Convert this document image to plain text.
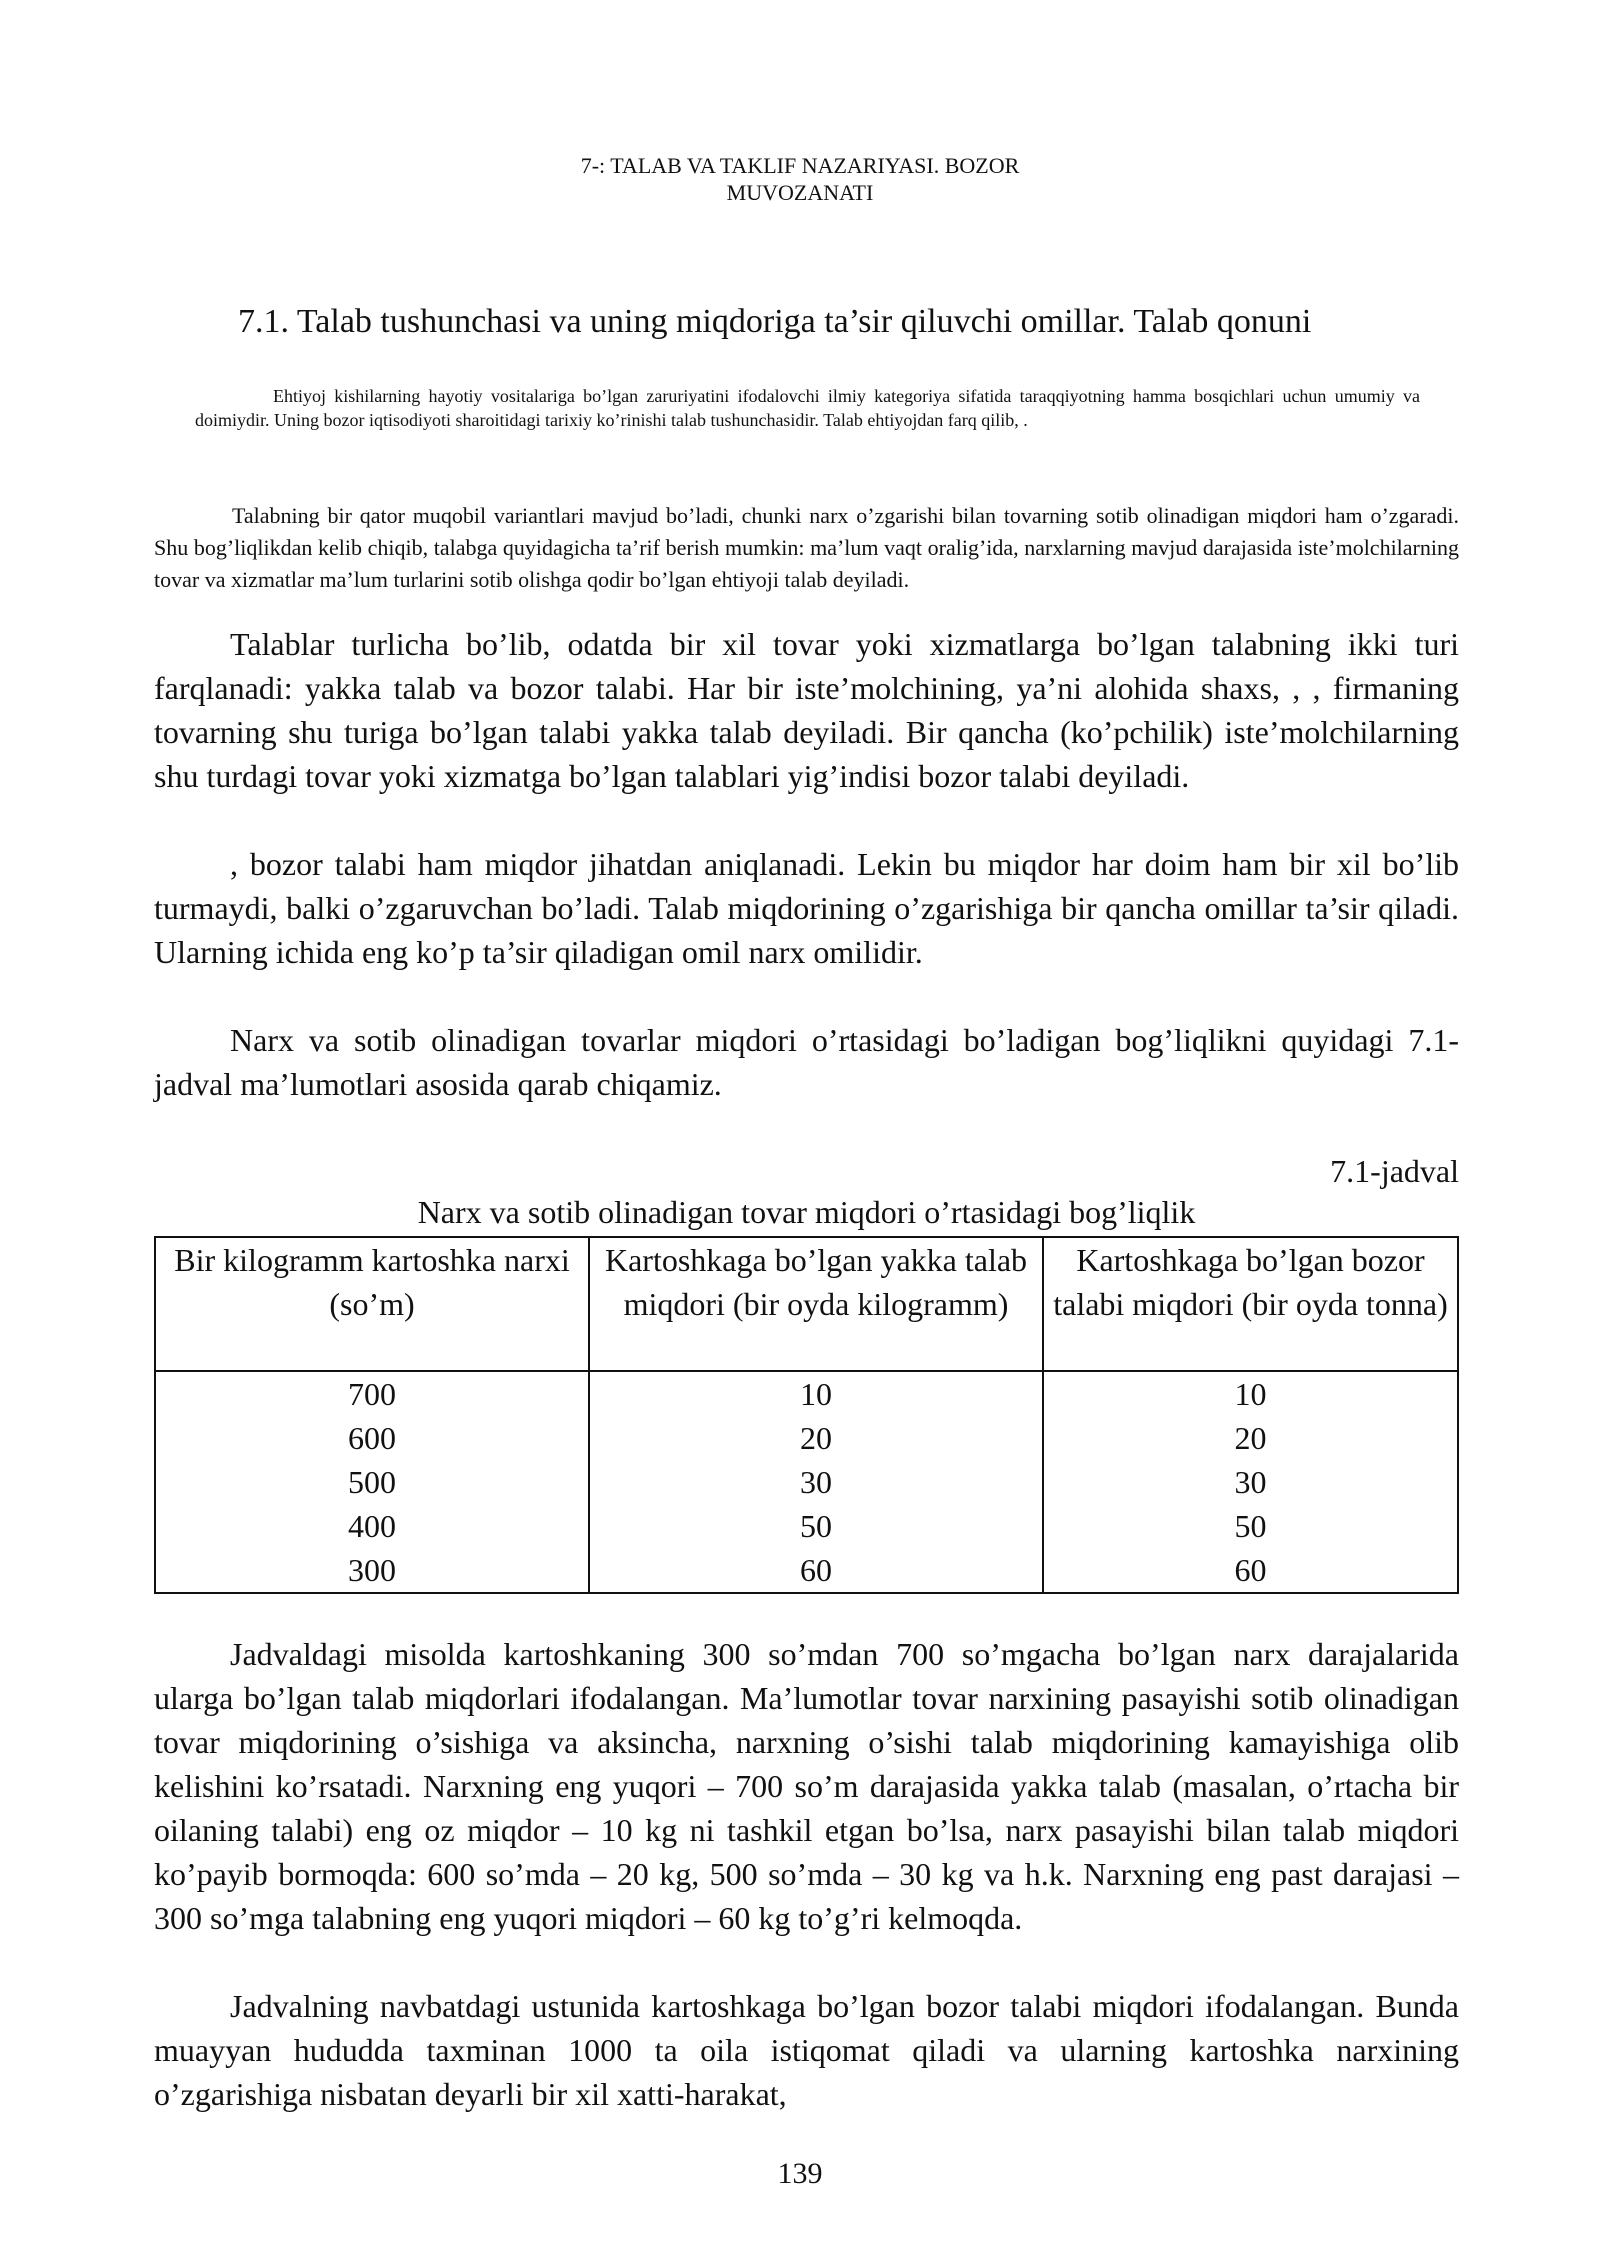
7-: TALAB VA TAKLIF NAZARIYASI. BOZOR
MUVOZANATI
7.1. Talab tushunchasi va uning miqdoriga ta’sir qiluvchi omillar. Talab qonuni

Ehtiyoj kishilarning hayotiy vositalariga bo’lgan zaruriyatini ifodalovchi ilmiy kategoriya sifatida taraqqiyotning hamma bosqichlari uchun umumiy va doimiydir. Uning bozor iqtisodiyoti sharoitidagi tarixiy ko’rinishi talab tushunchasidir. Talab ehtiyojdan farq qilib, .

Talabning bir qator muqobil variantlari mavjud bo’ladi, chunki narx o’zgarishi bilan tovarning sotib olinadigan miqdori ham o’zgaradi. Shu bog’liqlikdan kelib chiqib, talabga quyidagicha ta’rif berish mumkin: ma’lum vaqt oralig’ida, narxlarning mavjud darajasida iste’molchilarning tovar va xizmatlar ma’lum turlarini sotib olishga qodir bo’lgan ehtiyoji talab deyiladi.

Talablar turlicha bo’lib, odatda bir xil tovar yoki xizmatlarga bo’lgan talabning ikki turi farqlanadi: yakka talab va bozor talabi. Har bir iste’molchining, ya’ni alohida shaxs, , , firmaning tovarning shu turiga bo’lgan talabi yakka talab deyiladi. Bir qancha (ko’pchilik) iste’molchilarning shu turdagi tovar yoki xizmatga bo’lgan talablari yig’indisi bozor talabi deyiladi.

, bozor talabi ham miqdor jihatdan aniqlanadi. Lekin bu miqdor har doim ham bir xil bo’lib turmaydi, balki o’zgaruvchan bo’ladi. Talab miqdorining o’zgarishiga bir qancha omillar ta’sir qiladi. Ularning ichida eng ko’p ta’sir qiladigan omil narx omilidir.

Narx va sotib olinadigan tovarlar miqdori o’rtasidagi bo’ladigan bog’liqlikni quyidagi 7.1-jadval ma’lumotlari asosida qarab chiqamiz.

7.1-jadval
Narx va sotib olinadigan tovar miqdori o’rtasidagi bog’liqlik
Bir kilogramm kartoshka narxi (so’m)	Kartoshkaga bo’lgan yakka talab miqdori (bir oyda kilogramm)	Kartoshkaga bo’lgan bozor talabi miqdori (bir oyda tonna)
700	10	10
600	20	20
500	30	30
400	50	50
300	60	60

Jadvaldagi misolda kartoshkaning 300 so’mdan 700 so’mgacha bo’lgan narx darajalarida ularga bo’lgan talab miqdorlari ifodalangan. Ma’lumotlar tovar narxining pasayishi sotib olinadigan tovar miqdorining o’sishiga va aksincha, narxning o’sishi talab miqdorining kamayishiga olib kelishini ko’rsatadi. Narxning eng yuqori – 700 so’m darajasida yakka talab (masalan, o’rtacha bir oilaning talabi) eng oz miqdor – 10 kg ni tashkil etgan bo’lsa, narx pasayishi bilan talab miqdori ko’payib bormoqda: 600 so’mda – 20 kg, 500 so’mda – 30 kg va h.k. Narxning eng past darajasi – 300 so’mga talabning eng yuqori miqdori – 60 kg to’g’ri kelmoqda.

Jadvalning navbatdagi ustunida kartoshkaga bo’lgan bozor talabi miqdori ifodalangan. Bunda muayyan hududda taxminan 1000 ta oila istiqomat qiladi va ularning kartoshka narxining o’zgarishiga nisbatan deyarli bir xil xatti-harakat,

139
